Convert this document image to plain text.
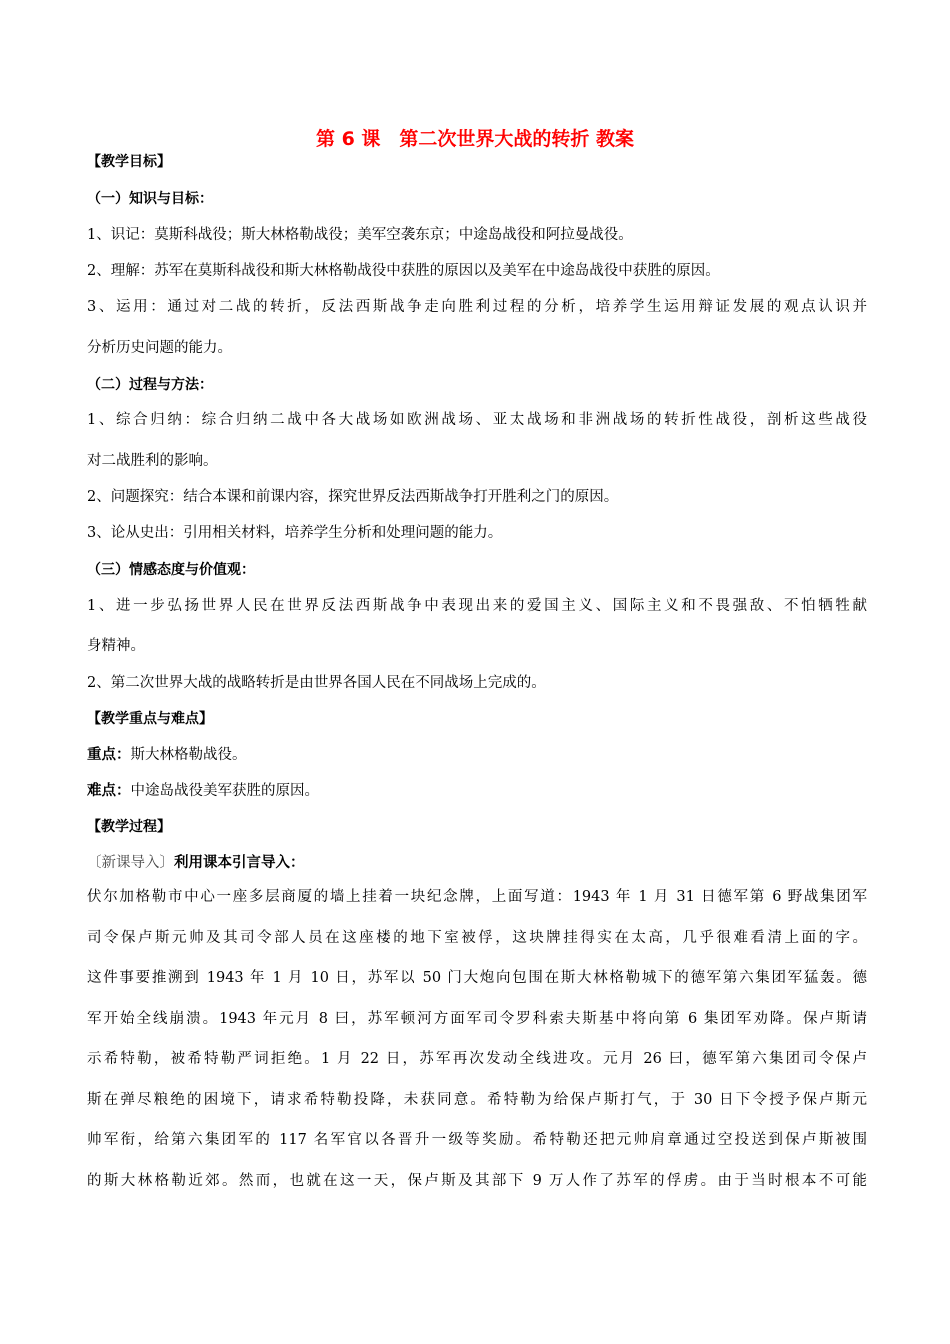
第 6 课　第二次世界大战的转折 教案
【教学目标】
（一）知识与目标：
1、识记：莫斯科战役；斯大林格勒战役；美军空袭东京；中途岛战役和阿拉曼战役。
2、理解：苏军在莫斯科战役和斯大林格勒战役中获胜的原因以及美军在中途岛战役中获胜的原因。
3、运用：通过对二战的转折，反法西斯战争走向胜利过程的分析，培养学生运用辩证发展的观点认识并
分析历史问题的能力。
（二）过程与方法：
1、综合归纳：综合归纳二战中各大战场如欧洲战场、亚太战场和非洲战场的转折性战役，剖析这些战役
对二战胜利的影响。
2、问题探究：结合本课和前课内容，探究世界反法西斯战争打开胜利之门的原因。
3、论从史出：引用相关材料，培养学生分析和处理问题的能力。
（三）情感态度与价值观：
1、进一步弘扬世界人民在世界反法西斯战争中表现出来的爱国主义、国际主义和不畏强敌、不怕牺牲献
身精神。
2、第二次世界大战的战略转折是由世界各国人民在不同战场上完成的。
【教学重点与难点】
重点：斯大林格勒战役。
难点：中途岛战役美军获胜的原因。
【教学过程】
〔新课导入〕利用课本引言导入：
伏尔加格勒市中心一座多层商厦的墙上挂着一块纪念牌，上面写道：1943 年 1 月 31 日德军第 6 野战集团军
司令保卢斯元帅及其司令部人员在这座楼的地下室被俘，这块牌挂得实在太高，几乎很难看清上面的字。
这件事要推溯到 1943 年 1 月 10 日，苏军以 50 门大炮向包围在斯大林格勒城下的德军第六集团军猛轰。德
军开始全线崩溃。1943 年元月 8 曰，苏军顿河方面军司令罗科索夫斯基中将向第 6 集团军劝降。保卢斯请
示希特勒，被希特勒严词拒绝。1 月 22 日，苏军再次发动全线进攻。元月 26 曰，德军第六集团司令保卢
斯在弹尽粮绝的困境下，请求希特勒投降，未获同意。希特勒为给保卢斯打气，于 30 日下令授予保卢斯元
帅军衔，给第六集团军的 117 名军官以各晋升一级等奖励。希特勒还把元帅肩章通过空投送到保卢斯被围
的斯大林格勒近郊。然而，也就在这一天，保卢斯及其部下 9 万人作了苏军的俘虏。由于当时根本不可能
